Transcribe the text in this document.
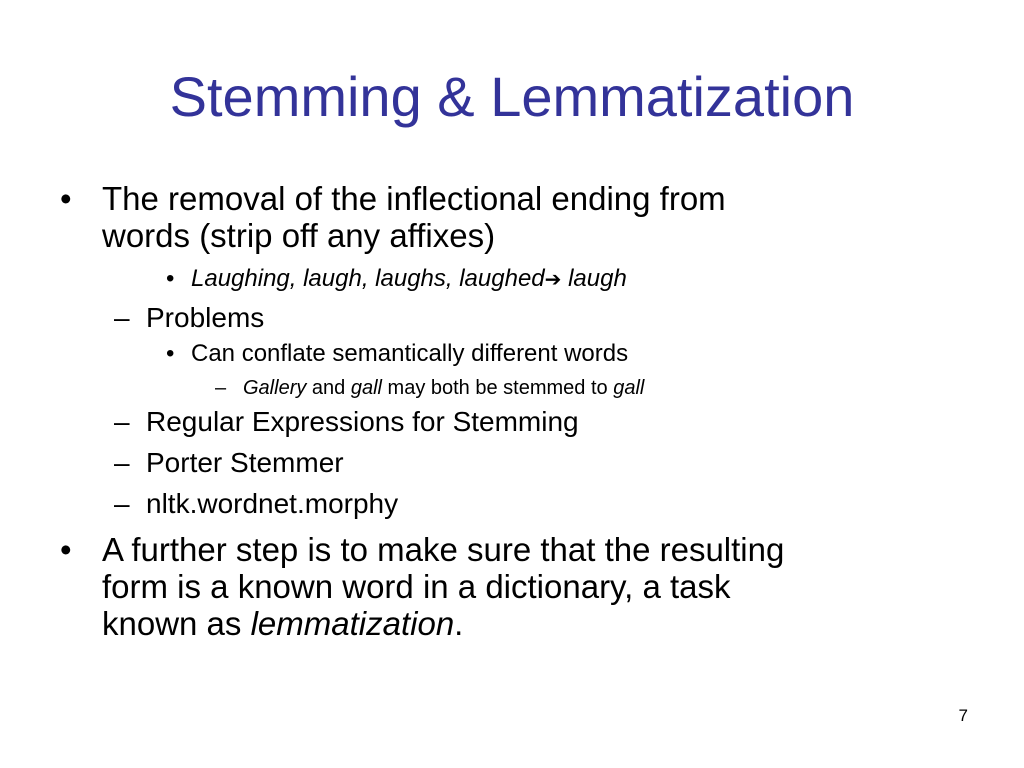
Stemming & Lemmatization
• The removal of the inflectional ending from
words (strip off any affixes)
• Laughing, laugh, laughs, laughed➔ laugh
– Problems
• Can conflate semantically different words
– Gallery and gall may both be stemmed to gall
– Regular Expressions for Stemming
– Porter Stemmer
– nltk.wordnet.morphy
• A further step is to make sure that the resulting
form is a known word in a dictionary, a task
known as lemmatization.
7
